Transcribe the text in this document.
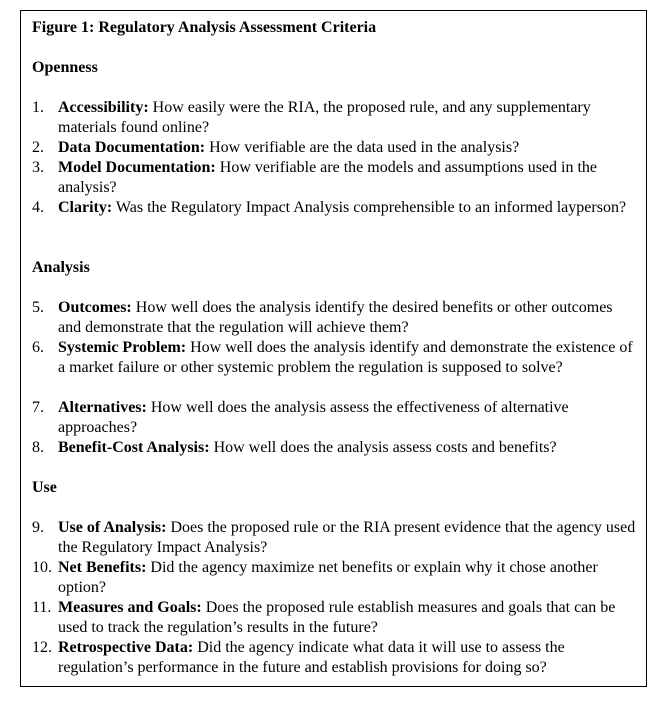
Figure 1: Regulatory Analysis Assessment Criteria
Openness
1. Accessibility: How easily were the RIA, the proposed rule, and any supplementary materials found online?
2. Data Documentation: How verifiable are the data used in the analysis?
3. Model Documentation: How verifiable are the models and assumptions used in the analysis?
4. Clarity: Was the Regulatory Impact Analysis comprehensible to an informed layperson?
Analysis
5. Outcomes: How well does the analysis identify the desired benefits or other outcomes and demonstrate that the regulation will achieve them?
6. Systemic Problem: How well does the analysis identify and demonstrate the existence of a market failure or other systemic problem the regulation is supposed to solve?
7. Alternatives: How well does the analysis assess the effectiveness of alternative approaches?
8. Benefit-Cost Analysis: How well does the analysis assess costs and benefits?
Use
9. Use of Analysis: Does the proposed rule or the RIA present evidence that the agency used the Regulatory Impact Analysis?
10. Net Benefits: Did the agency maximize net benefits or explain why it chose another option?
11. Measures and Goals: Does the proposed rule establish measures and goals that can be used to track the regulation’s results in the future?
12. Retrospective Data: Did the agency indicate what data it will use to assess the regulation’s performance in the future and establish provisions for doing so?
